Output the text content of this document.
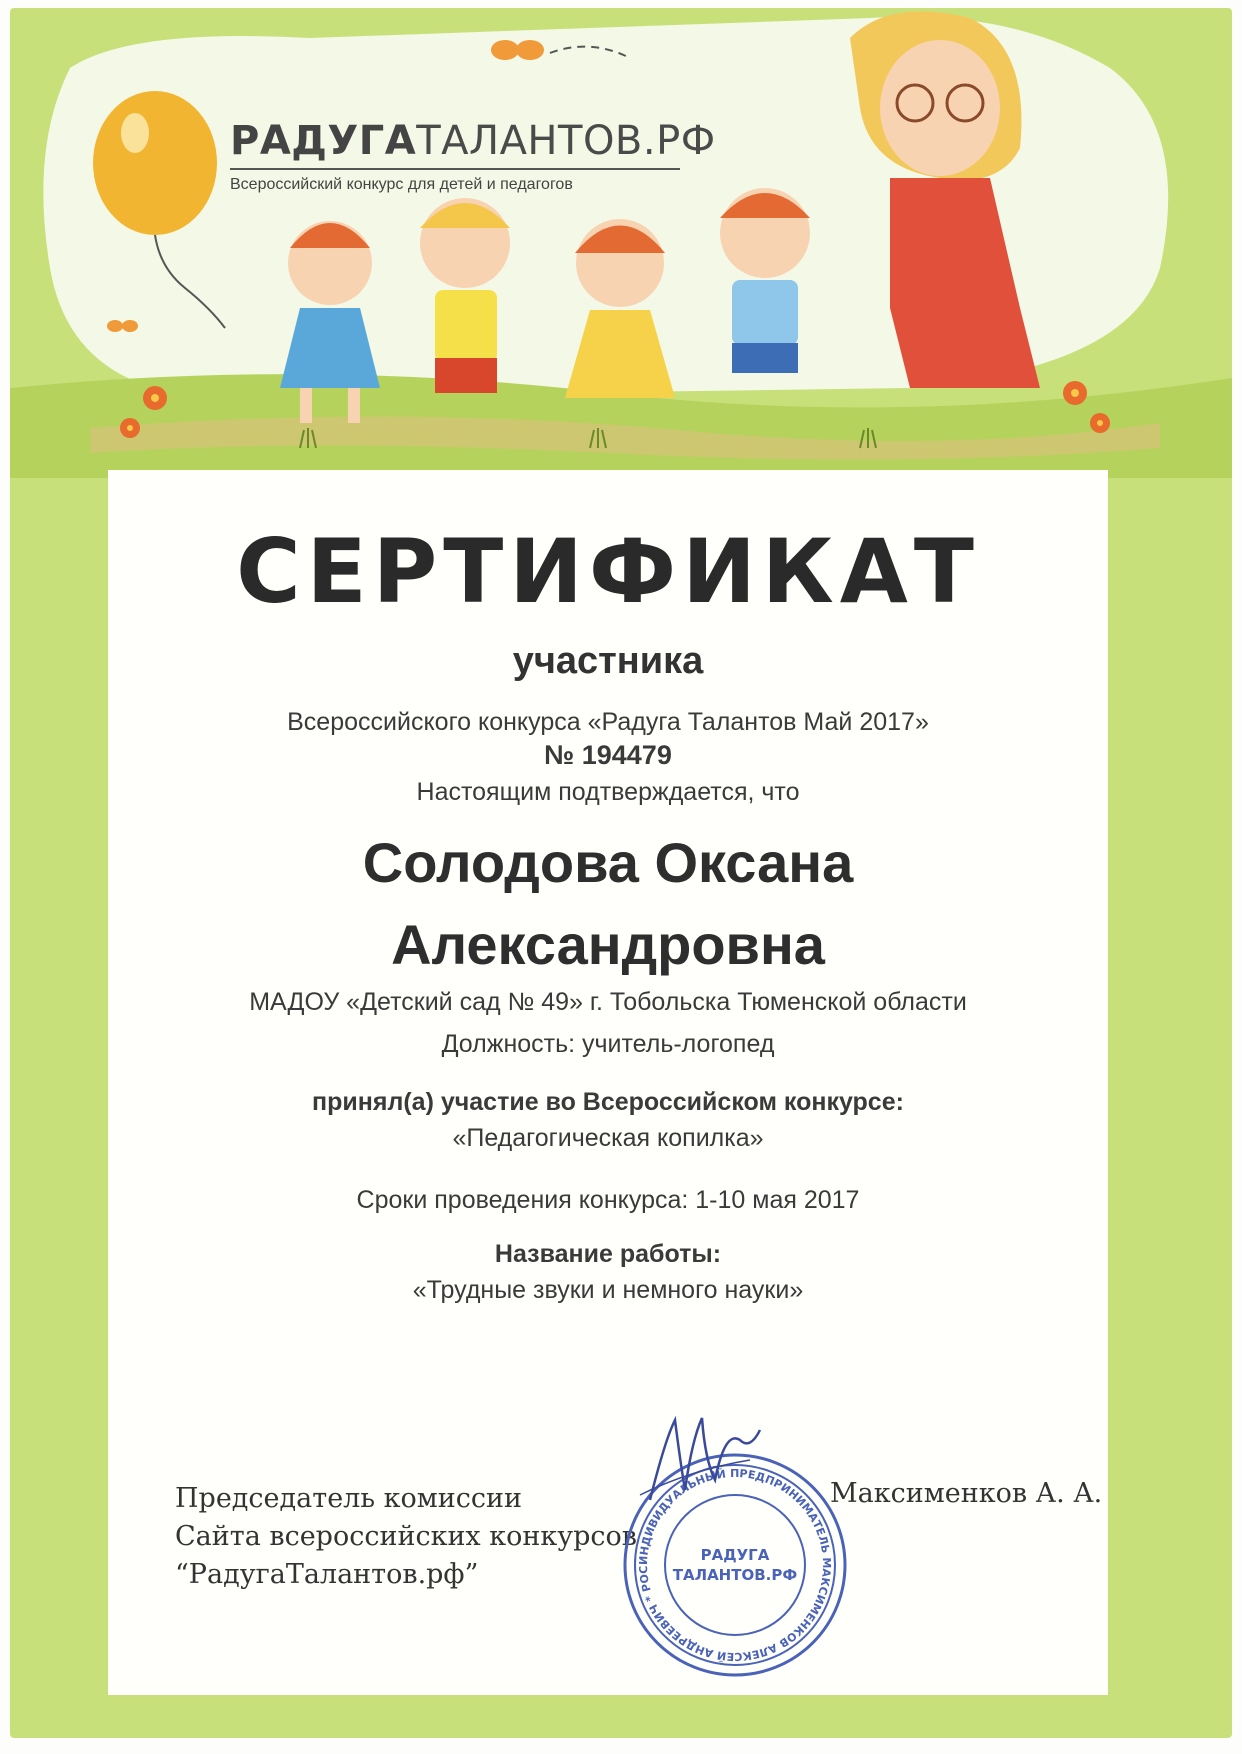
РАДУГАТАЛАНТОВ.РФ
Всероссийский конкурс для детей и педагогов
СЕРТИФИКАТ
участника
Всероссийского конкурса «Радуга Талантов Май 2017»
№ 194479
Настоящим подтверждается, что
Солодова Оксана
Александровна
МАДОУ «Детский сад № 49» г. Тобольска Тюменской области
Должность: учитель-логопед
принял(а) участие во Всероссийском конкурсе:
«Педагогическая копилка»
Сроки проведения конкурса: 1-10 мая 2017
Название работы:
«Трудные звуки и немного науки»
Председатель комиссии
Сайта всероссийских конкурсов
“РадугаТалантов.рф”
Максименков А. А.
ИНДИВИДУАЛЬНЫЙ ПРЕДПРИНИМАТЕЛЬ МАКСИМЕНКОВ АЛЕКСЕЙ АНДРЕЕВИЧ * РОС
РАДУГА
ТАЛАНТОВ.РФ
